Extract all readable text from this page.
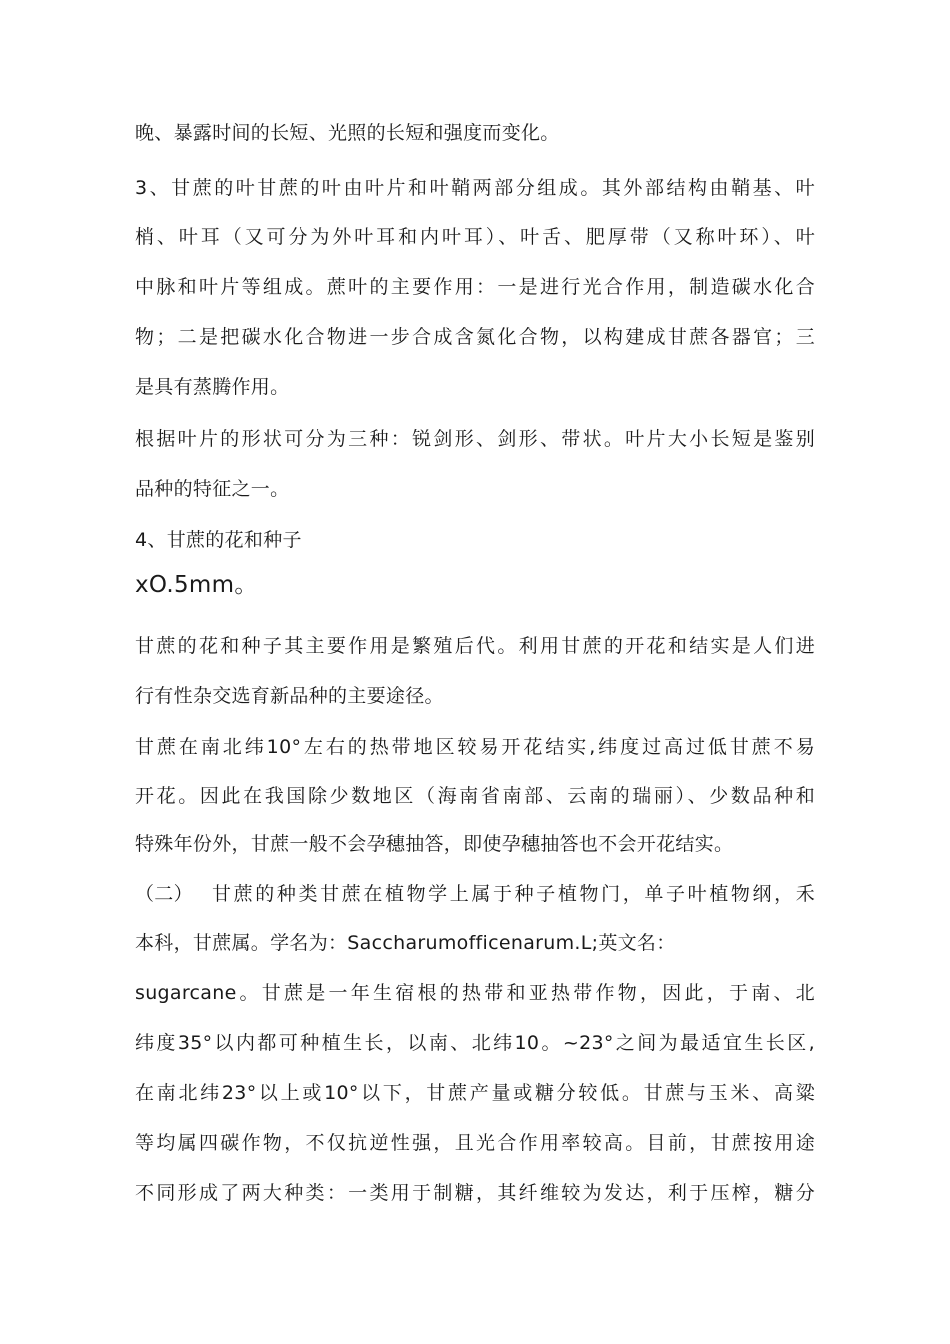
晚、暴露时间的长短、光照的长短和强度而变化。

3、甘蔗的叶甘蔗的叶由叶片和叶鞘两部分组成。其外部结构由鞘基、叶

梢、叶耳（又可分为外叶耳和内叶耳）、叶舌、肥厚带（又称叶环）、叶

中脉和叶片等组成。蔗叶的主要作用：一是进行光合作用，制造碳水化合

物；二是把碳水化合物进一步合成含氮化合物，以构建成甘蔗各器官；三

是具有蒸腾作用。

根据叶片的形状可分为三种：锐剑形、剑形、带状。叶片大小长短是鉴别

品种的特征之一。

4、甘蔗的花和种子

xO.5mm。

甘蔗的花和种子其主要作用是繁殖后代。利用甘蔗的开花和结实是人们进

行有性杂交选育新品种的主要途径。

甘蔗在南北纬10°左右的热带地区较易开花结实,纬度过高过低甘蔗不易

开花。因此在我国除少数地区（海南省南部、云南的瑞丽）、少数品种和

特殊年份外，甘蔗一般不会孕穗抽答，即使孕穗抽答也不会开花结实。

（二） 甘蔗的种类甘蔗在植物学上属于种子植物门，单子叶植物纲，禾

本科，甘蔗属。学名为：Saccharumofficenarum.L;英文名：

sugarcane。甘蔗是一年生宿根的热带和亚热带作物，因此，于南、北

纬度35°以内都可种植生长，以南、北纬10。~23°之间为最适宜生长区,

在南北纬23°以上或10°以下，甘蔗产量或糖分较低。甘蔗与玉米、高粱

等均属四碳作物，不仅抗逆性强，且光合作用率较高。目前，甘蔗按用途

不同形成了两大种类：一类用于制糖，其纤维较为发达，利于压榨，糖分
